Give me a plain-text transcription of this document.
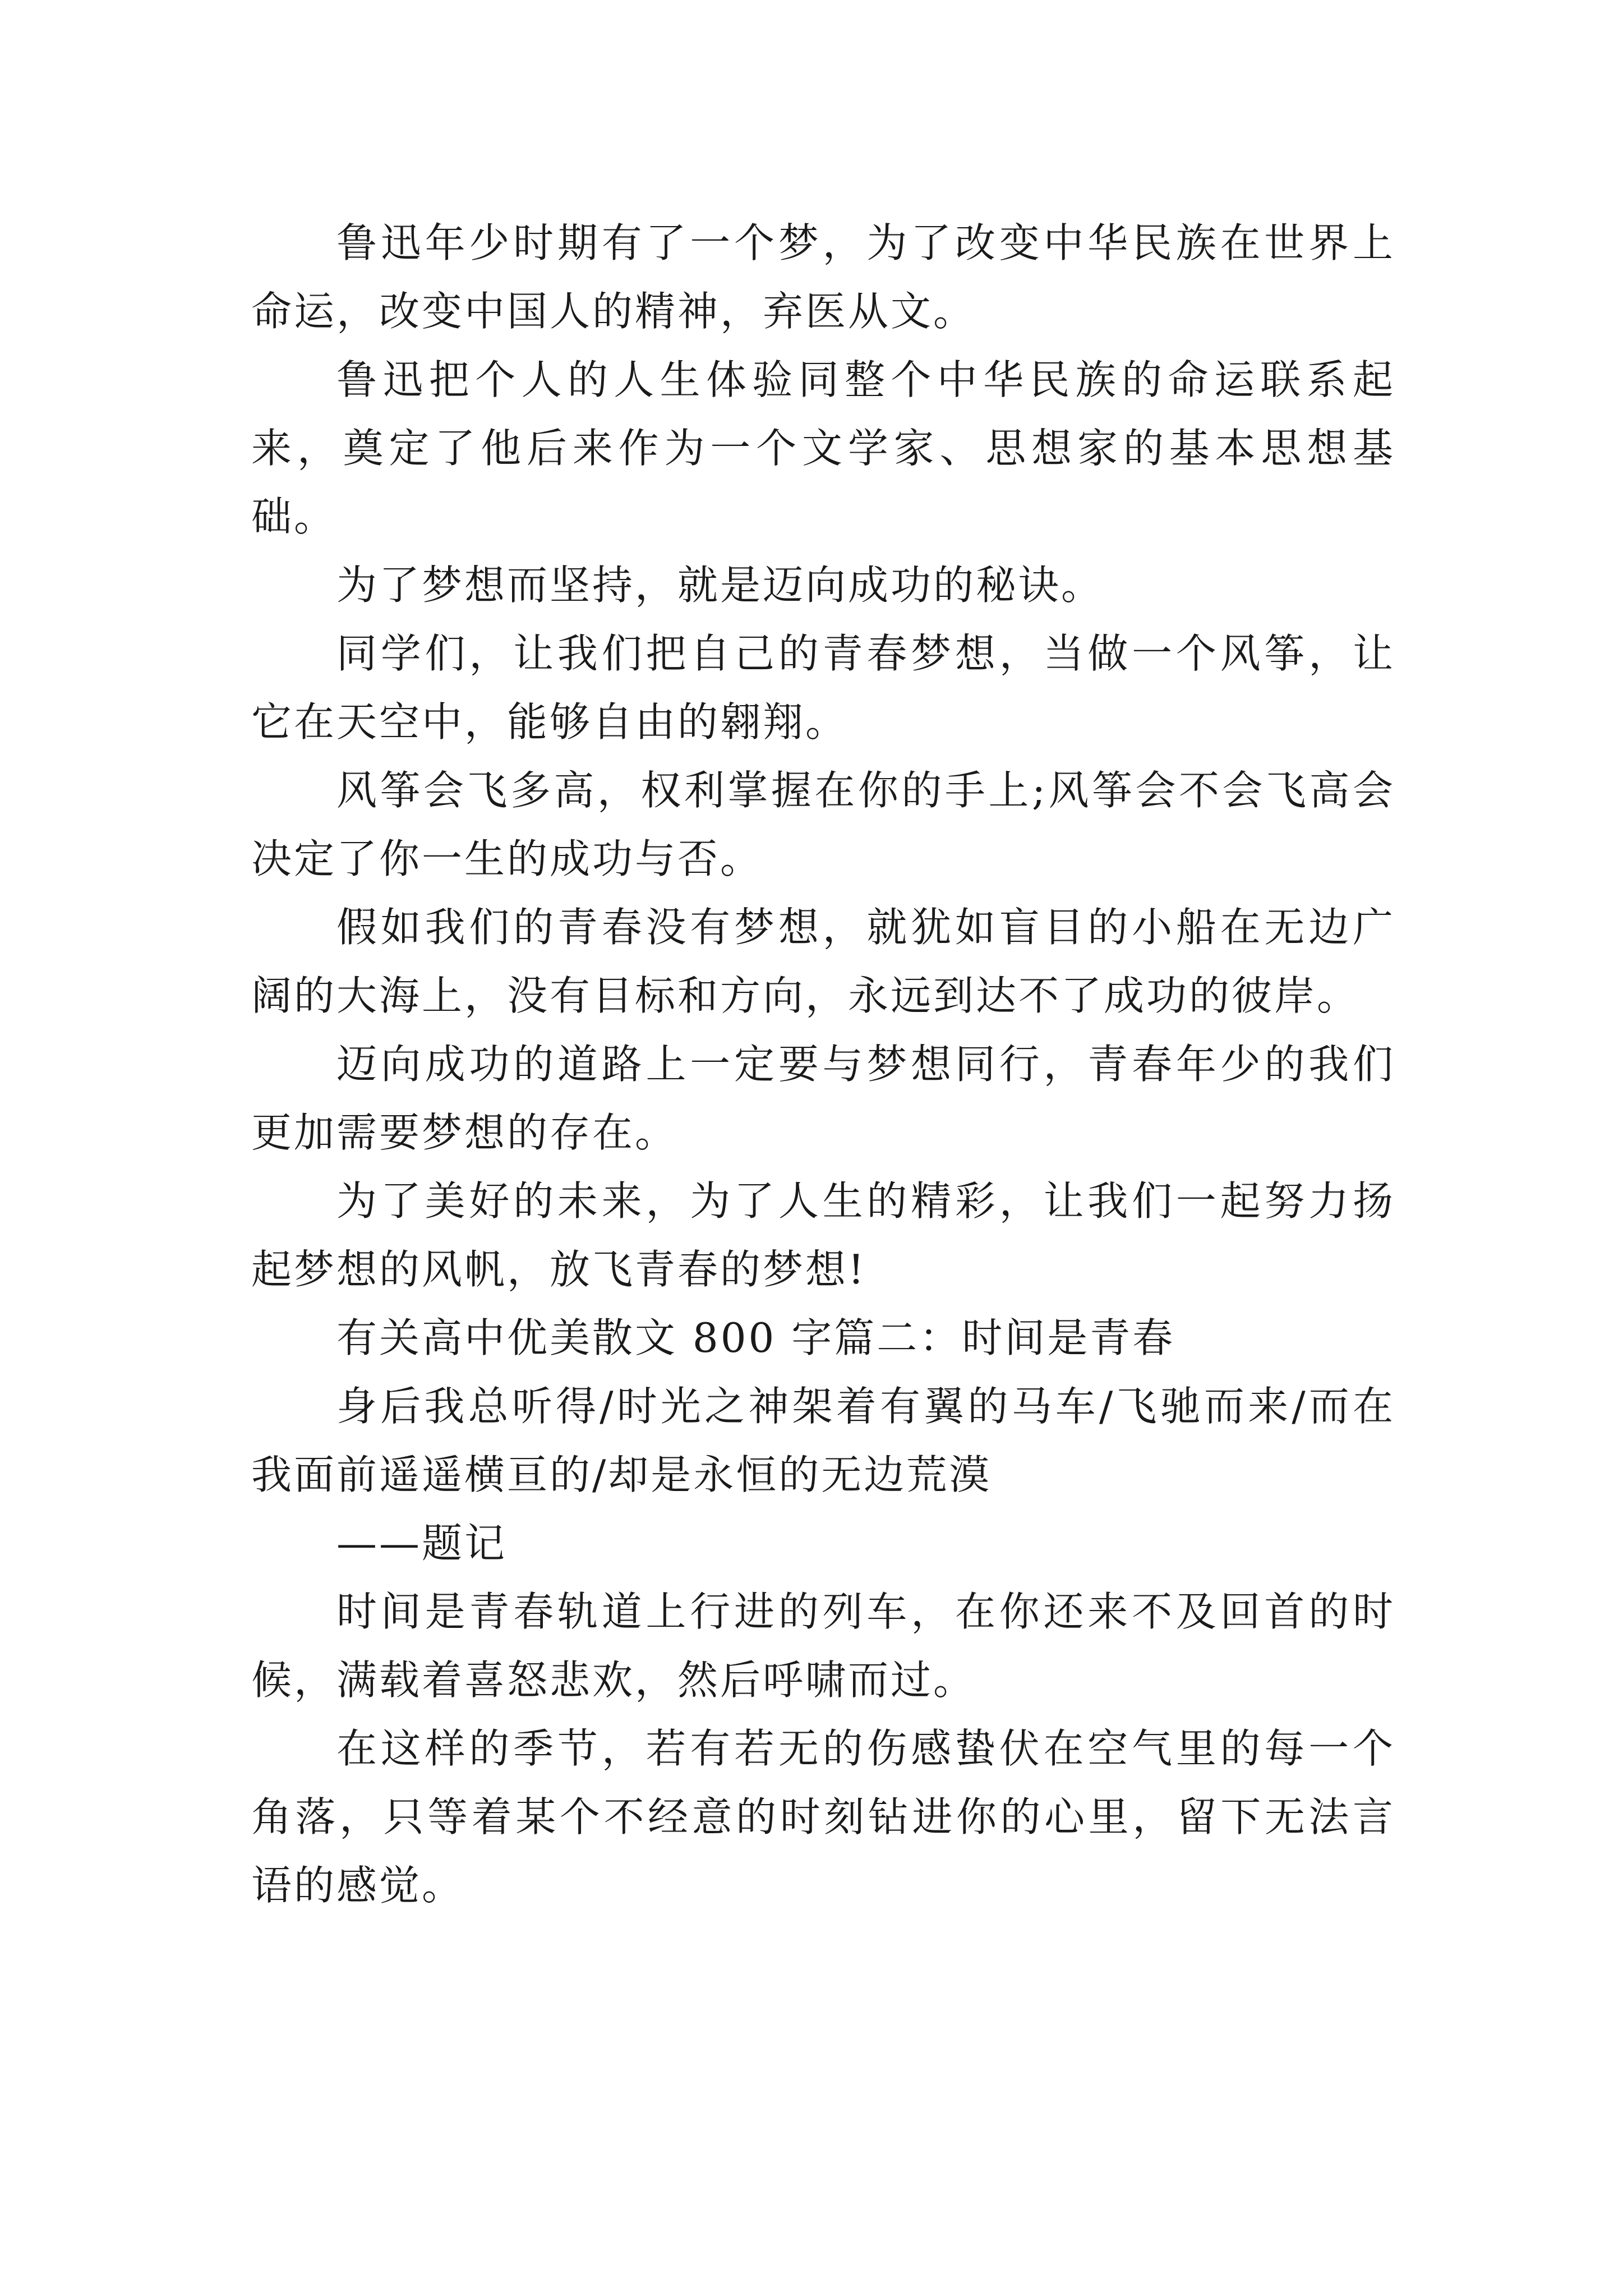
鲁迅年少时期有了一个梦，为了改变中华民族在世界上命运，改变中国人的精神，弃医从文。

鲁迅把个人的人生体验同整个中华民族的命运联系起来，奠定了他后来作为一个文学家、思想家的基本思想基础。

为了梦想而坚持，就是迈向成功的秘诀。

同学们，让我们把自己的青春梦想，当做一个风筝，让它在天空中，能够自由的翱翔。

风筝会飞多高，权利掌握在你的手上;风筝会不会飞高会决定了你一生的成功与否。

假如我们的青春没有梦想，就犹如盲目的小船在无边广阔的大海上，没有目标和方向，永远到达不了成功的彼岸。

迈向成功的道路上一定要与梦想同行，青春年少的我们更加需要梦想的存在。

为了美好的未来，为了人生的精彩，让我们一起努力扬起梦想的风帆，放飞青春的梦想!

有关高中优美散文 800 字篇二：时间是青春

身后我总听得/时光之神架着有翼的马车/飞驰而来/而在我面前遥遥横亘的/却是永恒的无边荒漠

——题记

时间是青春轨道上行进的列车，在你还来不及回首的时候，满载着喜怒悲欢，然后呼啸而过。

在这样的季节，若有若无的伤感蛰伏在空气里的每一个角落，只等着某个不经意的时刻钻进你的心里，留下无法言语的感觉。
